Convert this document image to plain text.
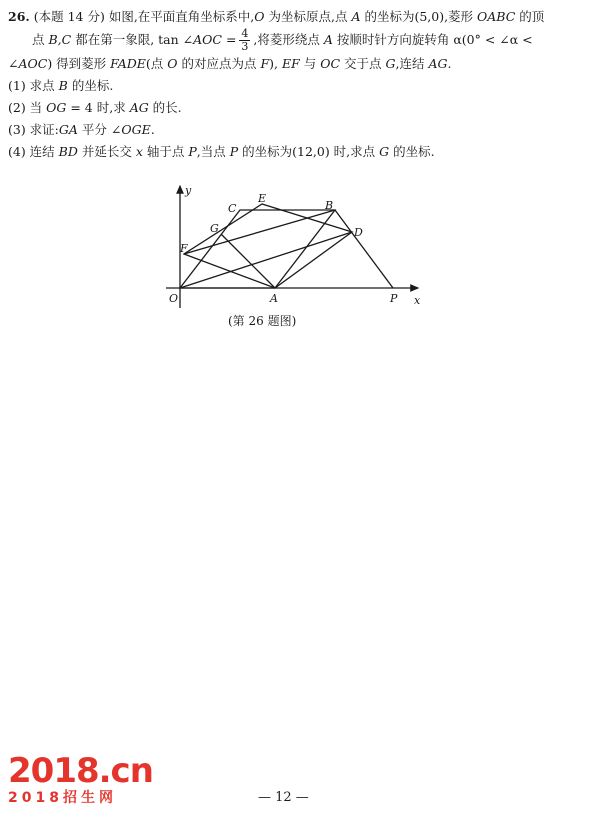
26. (本题 14 分) 如图,在平面直角坐标系中,O 为坐标原点,点 A 的坐标为(5,0),菱形 OABC 的顶
点 B,C 都在第一象限, tan ∠AOC = $\frac{4}{3}$ ,将菱形绕点 A 按顺时针方向旋转角 α(0° < ∠α <
∠AOC) 得到菱形 FADE(点 O 的对应点为点 F), EF 与 OC 交于点 G,连结 AG.
(1) 求点 B 的坐标.
(2) 当 OG = 4 时,求 AG 的长.
(3) 求证:GA 平分 ∠OGE.
(4) 连结 BD 并延长交 x 轴于点 P,当点 P 的坐标为(12,0) 时,求点 G 的坐标.
y
x
O	A	P
C
E
B
G	D
F
(第 26 题图)
2018.cn
2018招生网	— 12 —
